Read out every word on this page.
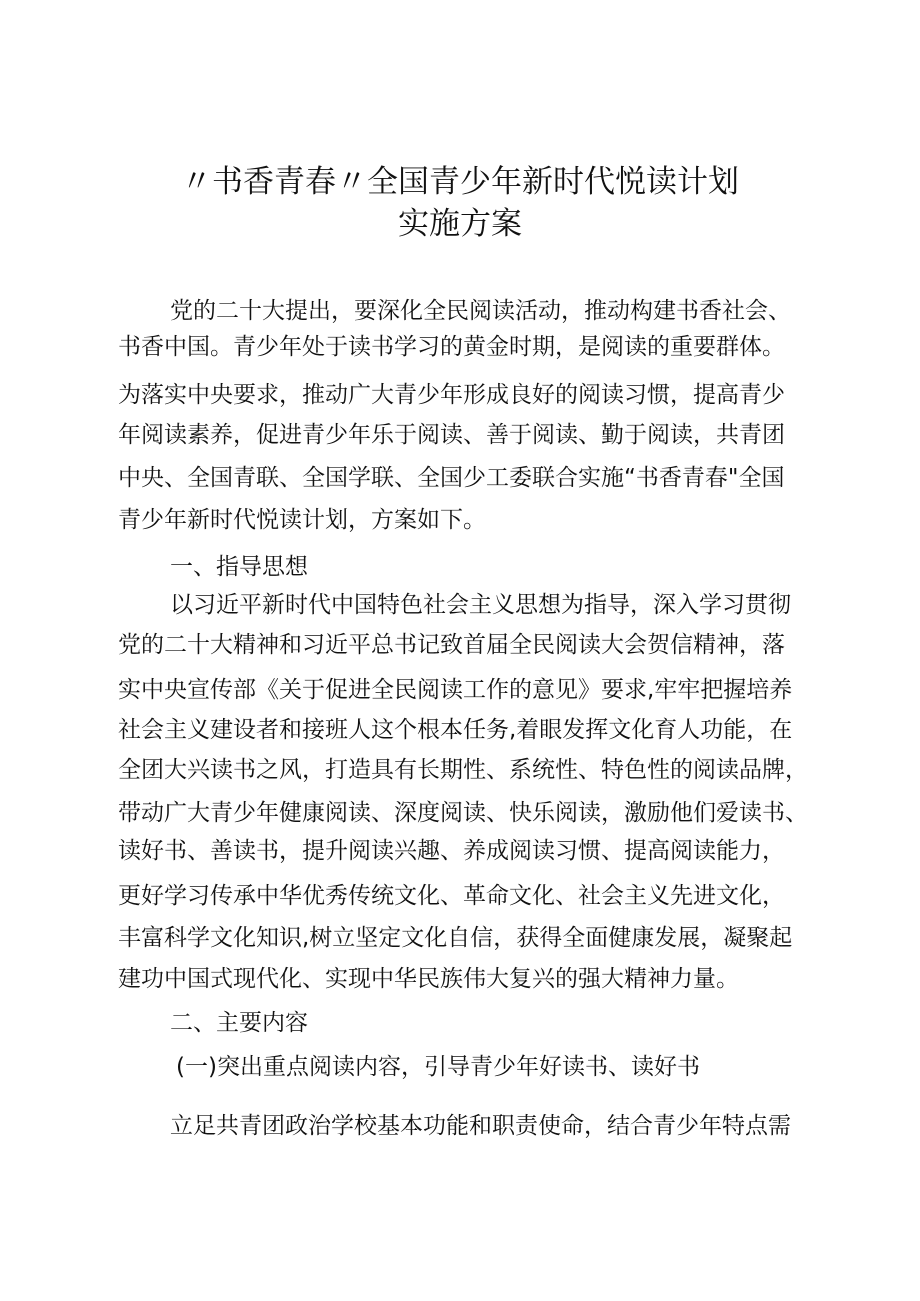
〃书香青春〃全国青少年新时代悦读计划
实施方案
党的二十大提出，要深化全民阅读活动，推动构建书香社会、
书香中国。青少年处于读书学习的黄金时期，是阅读的重要群体。
为落实中央要求，推动广大青少年形成良好的阅读习惯，提高青少
年阅读素养，促进青少年乐于阅读、善于阅读、勤于阅读，共青团
中央、全国青联、全国学联、全国少工委联合实施“书香青春"全国
青少年新时代悦读计划，方案如下。
一、指导思想
以习近平新时代中国特色社会主义思想为指导，深入学习贯彻
党的二十大精神和习近平总书记致首届全民阅读大会贺信精神，落
实中央宣传部《关于促进全民阅读工作的意见》要求,牢牢把握培养
社会主义建设者和接班人这个根本任务,着眼发挥文化育人功能，在
全团大兴读书之风，打造具有长期性、系统性、特色性的阅读品牌，
带动广大青少年健康阅读、深度阅读、快乐阅读，激励他们爱读书、
读好书、善读书，提升阅读兴趣、养成阅读习惯、提高阅读能力，
更好学习传承中华优秀传统文化、革命文化、社会主义先进文化，
丰富科学文化知识,树立坚定文化自信，获得全面健康发展，凝聚起
建功中国式现代化、实现中华民族伟大复兴的强大精神力量。
二、主要内容
(一)突出重点阅读内容，引导青少年好读书、读好书
立足共青团政治学校基本功能和职责使命，结合青少年特点需
